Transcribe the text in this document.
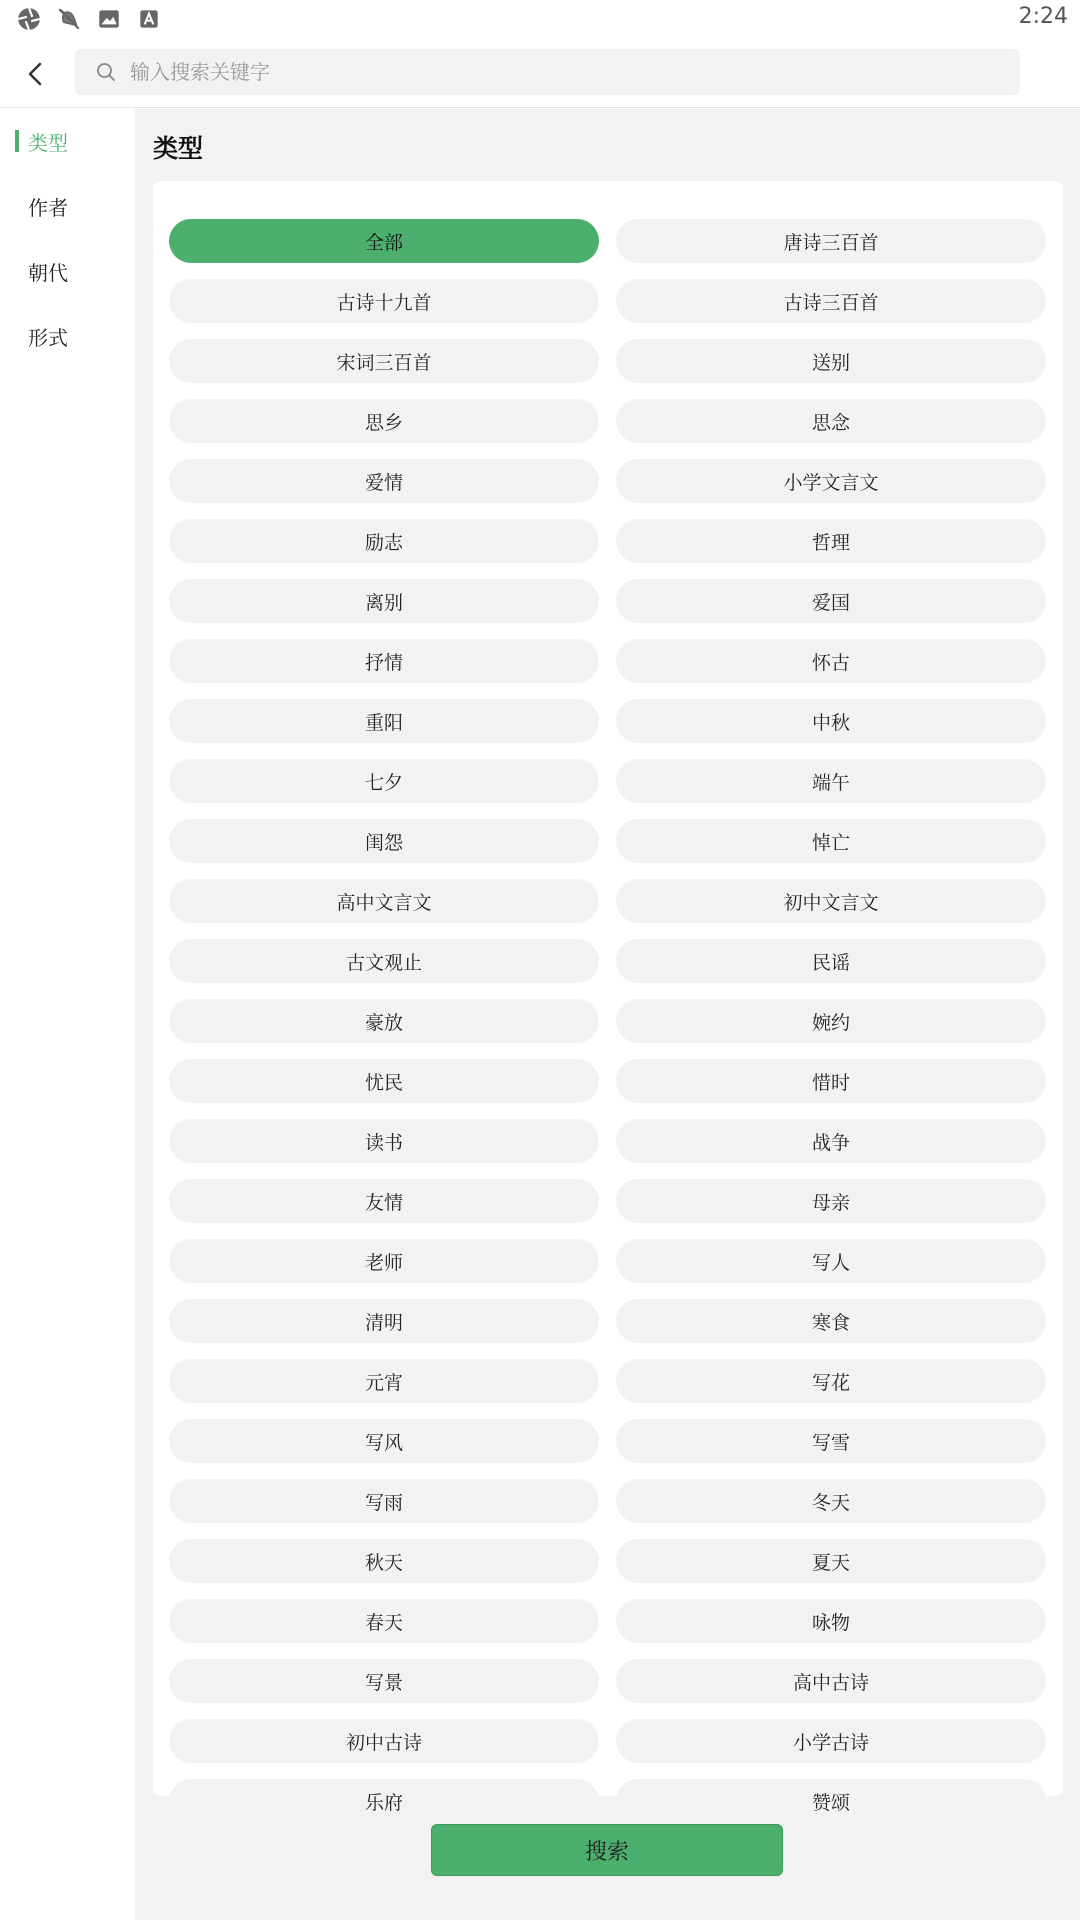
2:24
输入搜索关键字
类型
作者
朝代
形式
类型
全部	唐诗三百首
古诗十九首	古诗三百首
宋词三百首	送别
思乡	思念
爱情	小学文言文
励志	哲理
离别	爱国
抒情	怀古
重阳	中秋
七夕	端午
闺怨	悼亡
高中文言文	初中文言文
古文观止	民谣
豪放	婉约
忧民	惜时
读书	战争
友情	母亲
老师	写人
清明	寒食
元宵	写花
写风	写雪
写雨	冬天
秋天	夏天
春天	咏物
写景	高中古诗
初中古诗	小学古诗
乐府	赞颂
搜索
